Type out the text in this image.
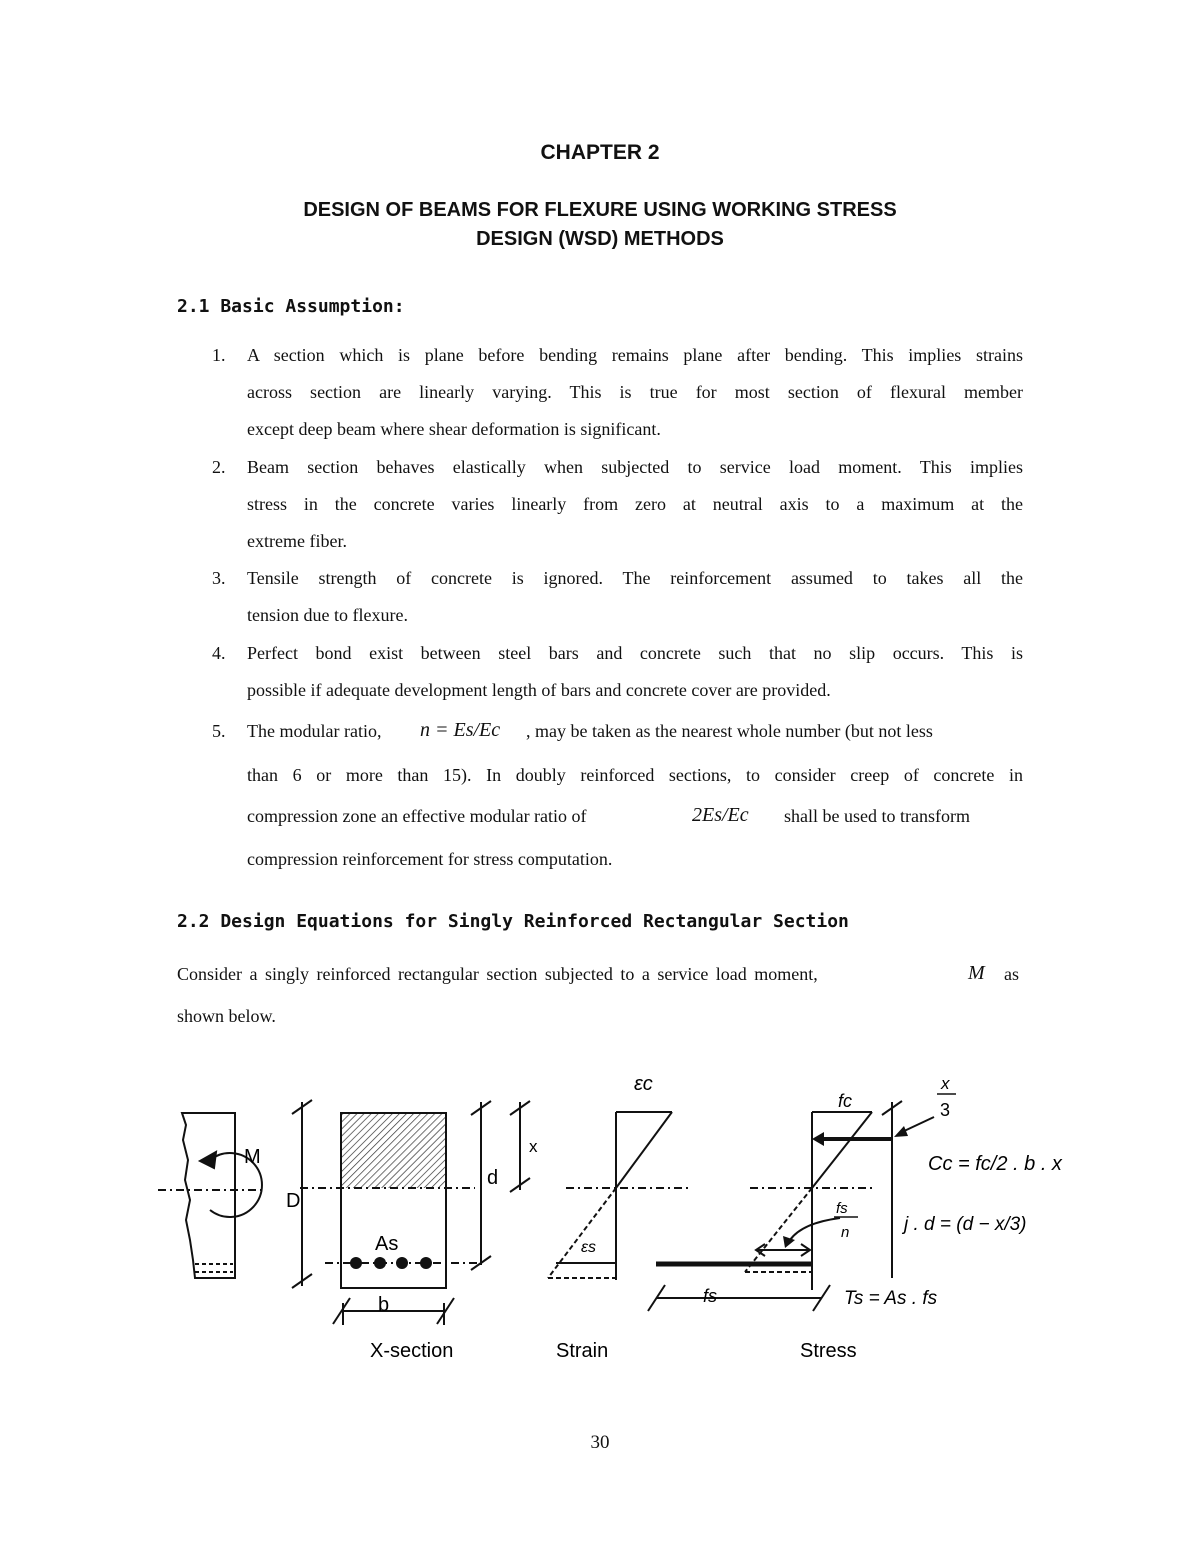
CHAPTER 2
DESIGN OF BEAMS FOR FLEXURE USING WORKING STRESS
DESIGN (WSD) METHODS
2.1 Basic Assumption:
1. A section which is plane before bending remains plane after bending. This implies strains
across section are linearly varying. This is true for most section of flexural member
except deep beam where shear deformation is significant.
2. Beam section behaves elastically when subjected to service load moment. This implies
stress in the concrete varies linearly from zero at neutral axis to a maximum at the
extreme fiber.
3. Tensile strength of concrete is ignored. The reinforcement assumed to takes all the
tension due to flexure.
4. Perfect bond exist between steel bars and concrete such that no slip occurs. This is
possible if adequate development length of bars and concrete cover are provided.
5. The modular ratio, n = Es/Ec , may be taken as the nearest whole number (but not less
than 6 or more than 15). In doubly reinforced sections, to consider creep of concrete in
compression zone an effective modular ratio of	2Es/Ec shall be used to transform
compression reinforcement for stress computation.
2.2 Design Equations for Singly Reinforced Rectangular Section
Consider a singly reinforced rectangular section subjected to a service load moment,	M as
shown below.
M
D
d
x
As
b
X-section
εc
εs
Strain
fc
fs
n
fs
x
3
Cc = fc/2 . b . x
j . d = (d − x/3)
Ts = As . fs
Stress
30
